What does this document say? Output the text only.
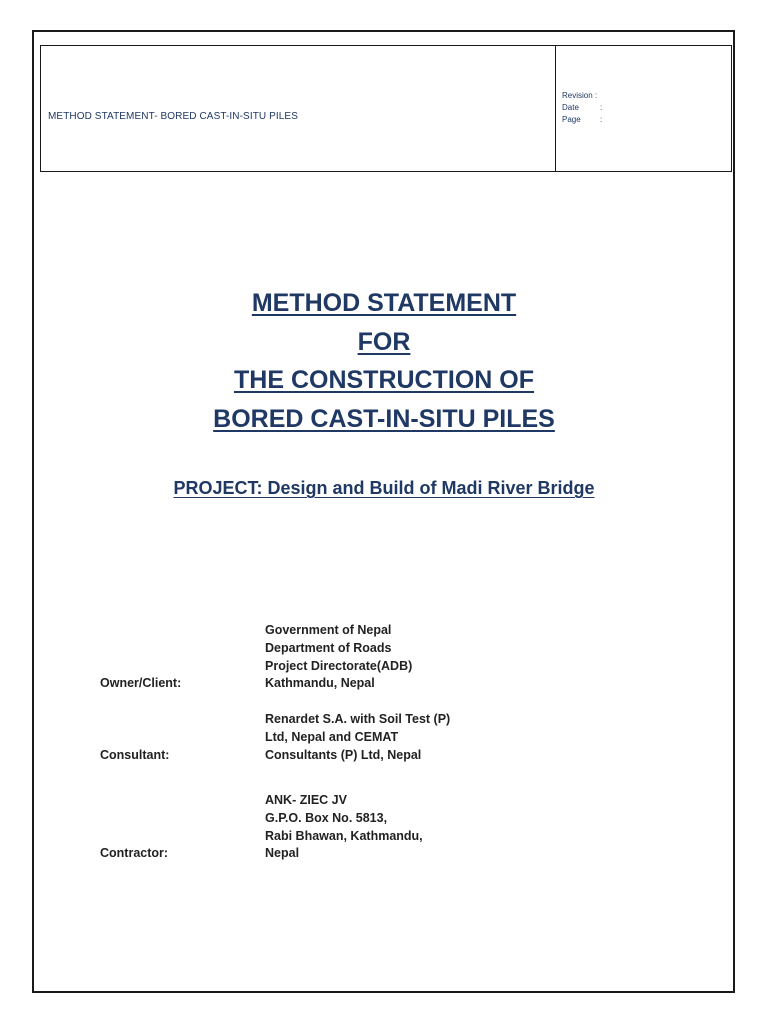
METHOD STATEMENT- BORED CAST-IN-SITU PILES
Revision :
Date	:
Page	:
METHOD STATEMENT
FOR
THE CONSTRUCTION OF
BORED CAST-IN-SITU PILES
PROJECT: Design and Build of Madi River Bridge
Government of Nepal
Department of Roads
Project Directorate(ADB)
Kathmandu, Nepal
Owner/Client:
Renardet S.A. with Soil Test (P)
Ltd, Nepal and CEMAT
Consultants (P) Ltd, Nepal
Consultant:
ANK- ZIEC JV
G.P.O. Box No. 5813,
Rabi Bhawan, Kathmandu,
Nepal
Contractor:
